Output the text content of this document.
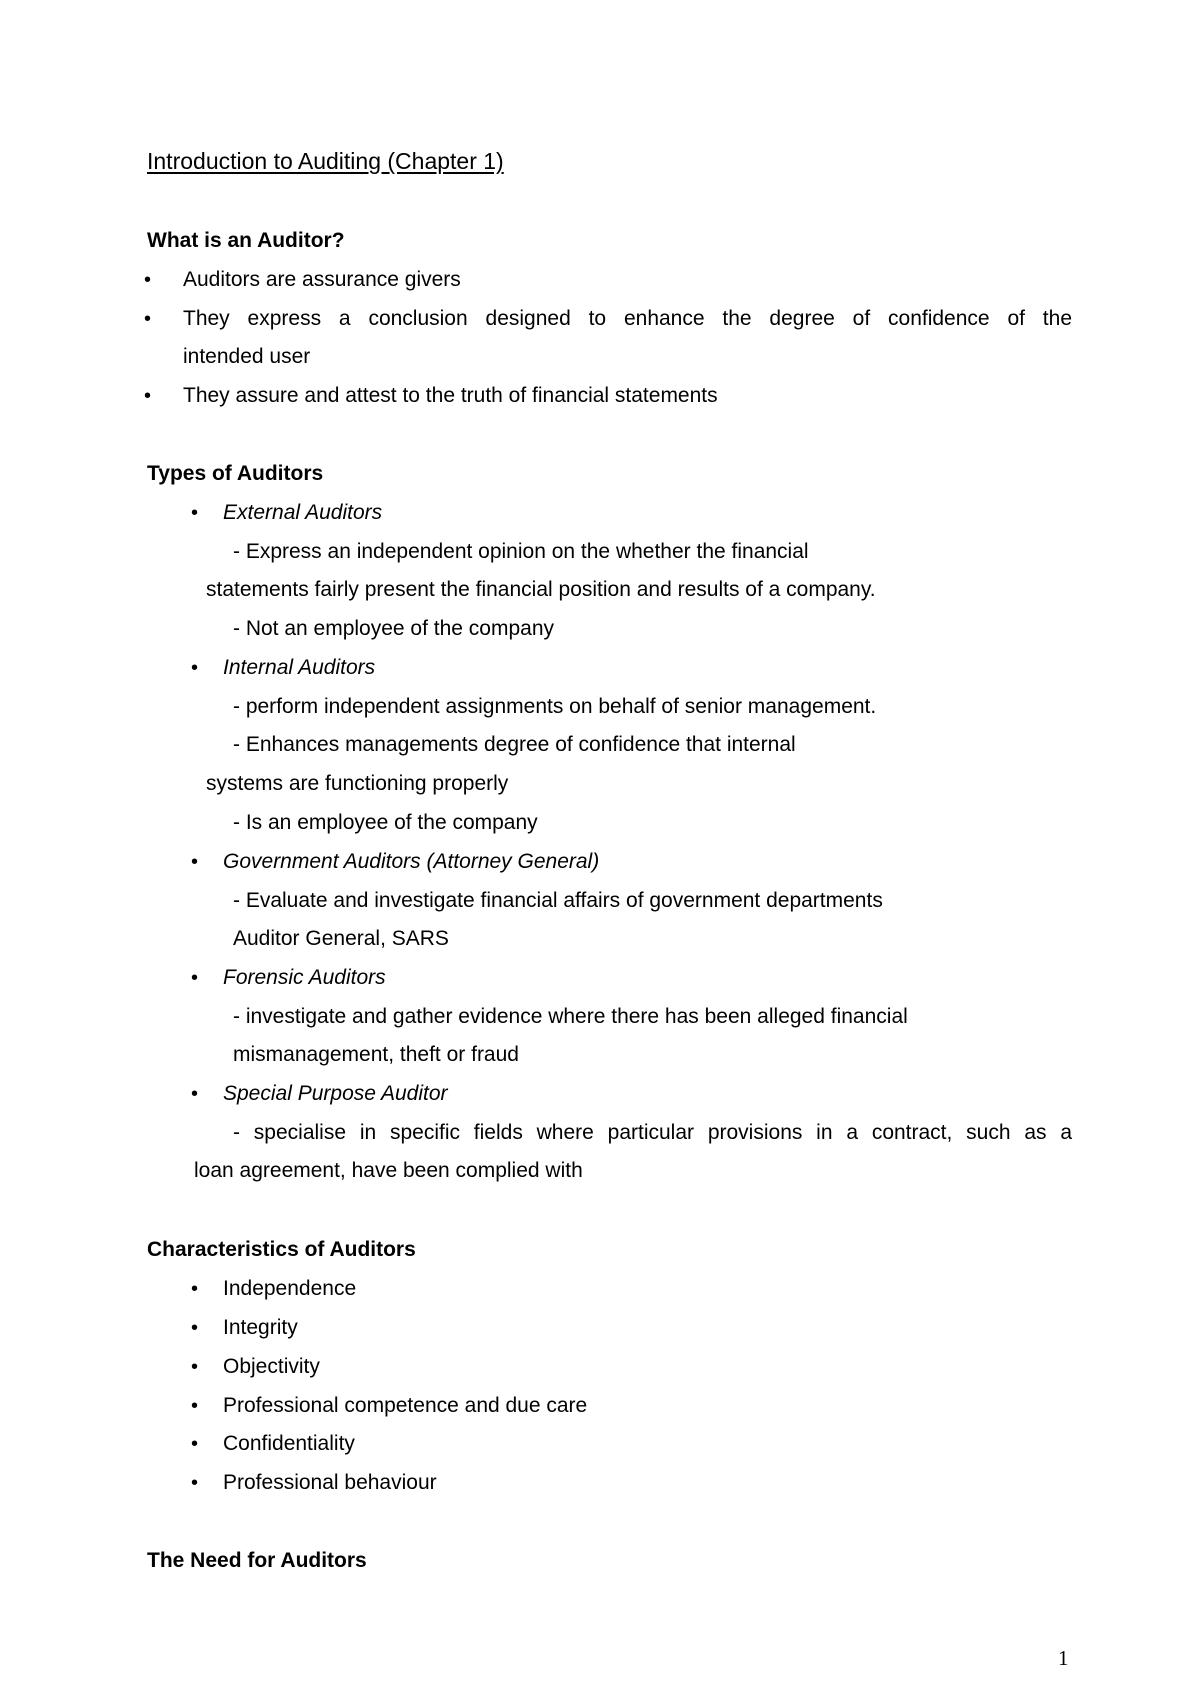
Introduction to Auditing (Chapter 1)
What is an Auditor?
• Auditors are assurance givers
• They express a conclusion designed to enhance the degree of confidence of the
intended user
• They assure and attest to the truth of financial statements
Types of Auditors
• External Auditors
- Express an independent opinion on the whether the financial
statements fairly present the financial position and results of a company.
- Not an employee of the company
• Internal Auditors
- perform independent assignments on behalf of senior management.
- Enhances managements degree of confidence that internal
systems are functioning properly
- Is an employee of the company
• Government Auditors (Attorney General)
- Evaluate and investigate financial affairs of government departments
Auditor General, SARS
• Forensic Auditors
- investigate and gather evidence where there has been alleged financial
mismanagement, theft or fraud
• Special Purpose Auditor
- specialise in specific fields where particular provisions in a contract, such as a
loan agreement, have been complied with
Characteristics of Auditors
• Independence
• Integrity
• Objectivity
• Professional competence and due care
• Confidentiality
• Professional behaviour
The Need for Auditors
1
